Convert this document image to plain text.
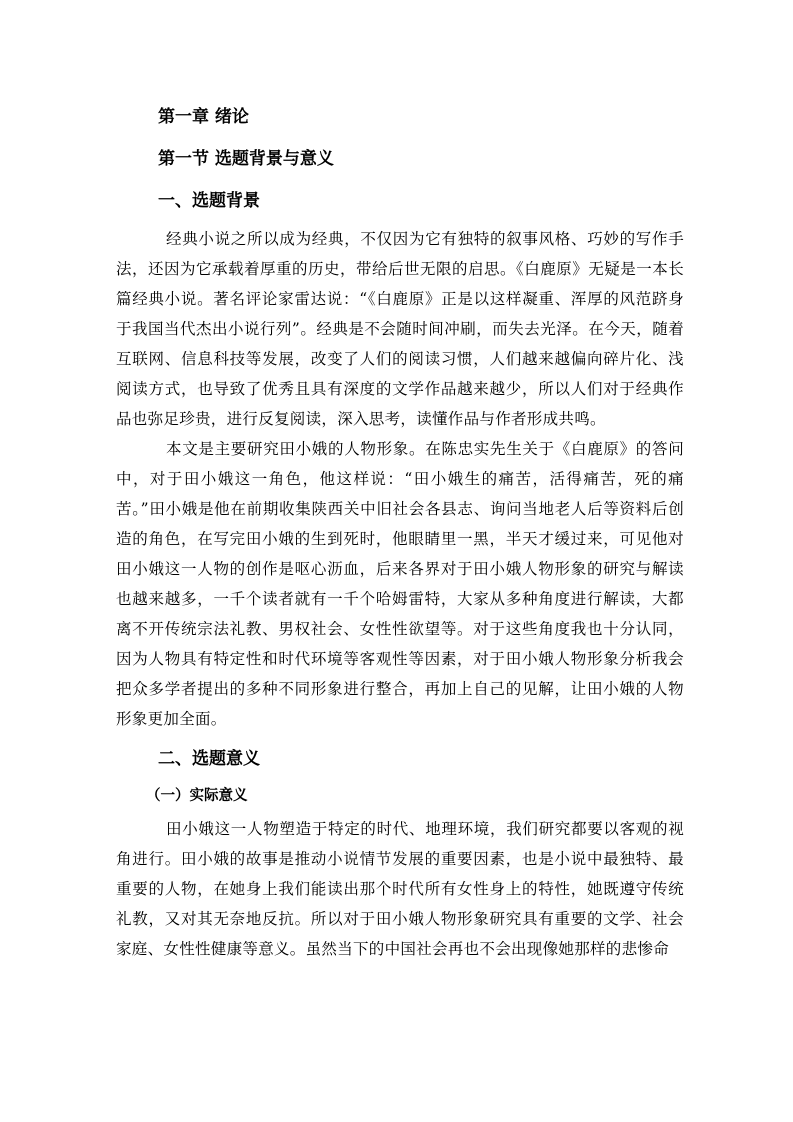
第一章 绪论
第一节 选题背景与意义
一、选题背景

经典小说之所以成为经典，不仅因为它有独特的叙事风格、巧妙的写作手法，还因为它承载着厚重的历史，带给后世无限的启思。《白鹿原》无疑是一本长篇经典小说。著名评论家雷达说：“《白鹿原》正是以这样凝重、浑厚的风范跻身于我国当代杰出小说行列”。经典是不会随时间冲刷，而失去光泽。在今天，随着互联网、信息科技等发展，改变了人们的阅读习惯，人们越来越偏向碎片化、浅阅读方式，也导致了优秀且具有深度的文学作品越来越少，所以人们对于经典作品也弥足珍贵，进行反复阅读，深入思考，读懂作品与作者形成共鸣。

本文是主要研究田小娥的人物形象。在陈忠实先生关于《白鹿原》的答问中，对于田小娥这一角色，他这样说：“田小娥生的痛苦，活得痛苦，死的痛苦。”田小娥是他在前期收集陕西关中旧社会各县志、询问当地老人后等资料后创造的角色，在写完田小娥的生到死时，他眼睛里一黑，半天才缓过来，可见他对田小娥这一人物的创作是呕心沥血，后来各界对于田小娥人物形象的研究与解读也越来越多，一千个读者就有一千个哈姆雷特，大家从多种角度进行解读，大都离不开传统宗法礼教、男权社会、女性性欲望等。对于这些角度我也十分认同，因为人物具有特定性和时代环境等客观性等因素，对于田小娥人物形象分析我会把众多学者提出的多种不同形象进行整合，再加上自己的见解，让田小娥的人物形象更加全面。

二、选题意义
（一）实际意义

田小娥这一人物塑造于特定的时代、地理环境，我们研究都要以客观的视角进行。田小娥的故事是推动小说情节发展的重要因素，也是小说中最独特、最重要的人物，在她身上我们能读出那个时代所有女性身上的特性，她既遵守传统礼教，又对其无奈地反抗。所以对于田小娥人物形象研究具有重要的文学、社会家庭、女性性健康等意义。虽然当下的中国社会再也不会出现像她那样的悲惨命
